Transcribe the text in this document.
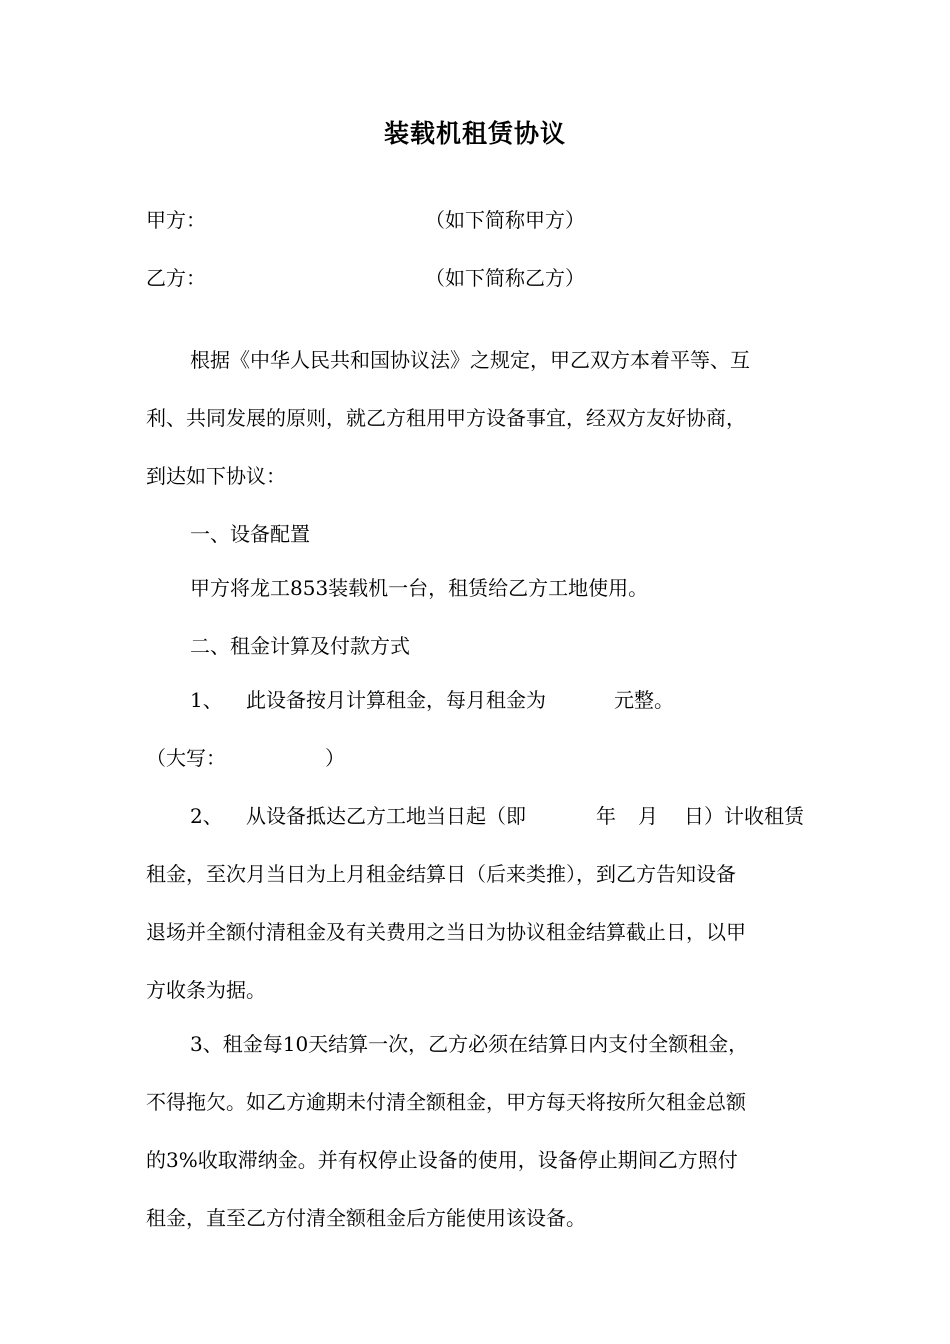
装载机租赁协议
甲方：	（如下简称甲方）
乙方：	（如下简称乙方）
根据《中华人民共和国协议法》之规定，甲乙双方本着平等、互
利、共同发展的原则，就乙方租用甲方设备事宜，经双方友好协商，
到达如下协议：
一、设备配置
甲方将龙工853装载机一台，租赁给乙方工地使用。
二、租金计算及付款方式
1、 此设备按月计算租金，每月租金为	元整。
（大写：	）
2、 从设备抵达乙方工地当日起（即	年 月 日）计收租赁
租金，至次月当日为上月租金结算日（后来类推），到乙方告知设备
退场并全额付清租金及有关费用之当日为协议租金结算截止日，以甲
方收条为据。
3、租金每10天结算一次，乙方必须在结算日内支付全额租金，
不得拖欠。如乙方逾期未付清全额租金，甲方每天将按所欠租金总额
的3%收取滞纳金。并有权停止设备的使用，设备停止期间乙方照付
租金，直至乙方付清全额租金后方能使用该设备。
